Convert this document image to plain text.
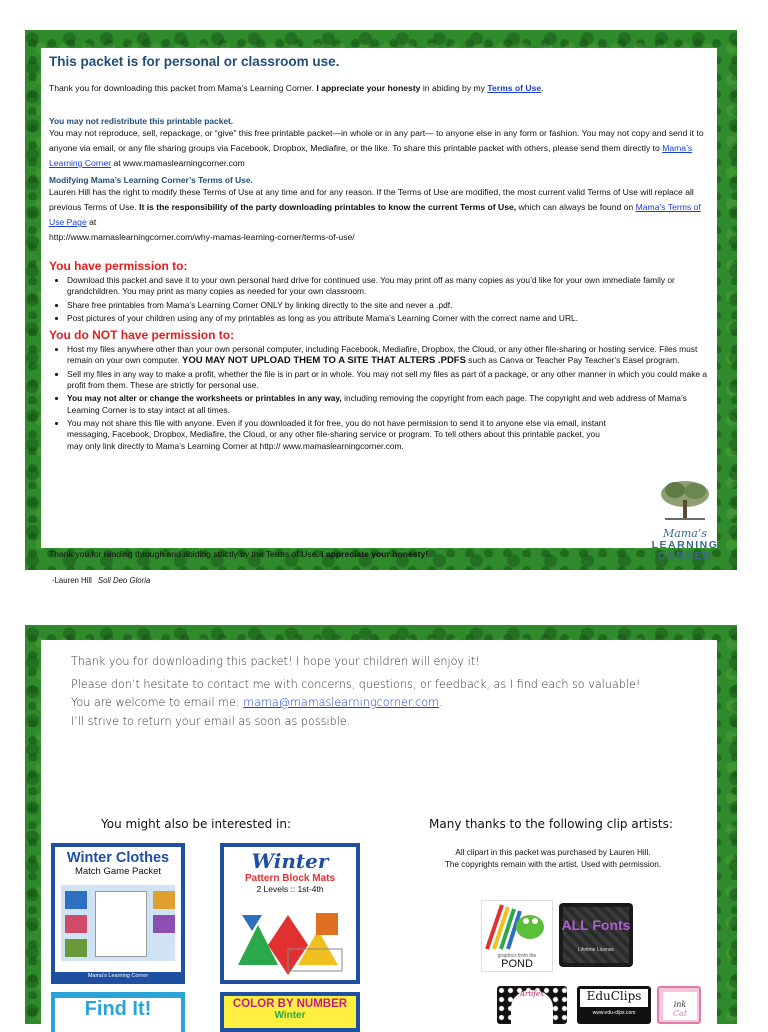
This packet is for personal or classroom use.

Thank you for downloading this packet from Mama’s Learning Corner. I appreciate your honesty in abiding by my Terms of Use.

You may not redistribute this printable packet.

You may not reproduce, sell, repackage, or “give” this free printable packet—in whole or in any part— to anyone else in any form or fashion. You may not copy and send it to anyone via email, or any file sharing groups via Facebook, Dropbox, Mediafire, or the like. To share this printable packet with others, please send them directly to Mama’s Learning Corner at www.mamaslearningcorner.com

Modifying Mama’s Learning Corner’s Terms of Use.

Lauren Hill has the right to modify these Terms of Use at any time and for any reason. If the Terms of Use are modified, the most current valid Terms of Use will replace all previous Terms of Use. It is the responsibility of the party downloading printables to know the current Terms of Use, which can always be found on Mama’s Terms of Use Page at
http://www.mamaslearningcorner.com/why-mamas-learning-corner/terms-of-use/

You have permission to:
• Download this packet and save it to your own personal hard drive for continued use. You may print off as many copies as you’d like for your own immediate family or grandchildren. You may print as many copies as needed for your own classroom.
• Share free printables from Mama’s Learning Corner ONLY by linking directly to the site and never a .pdf.
• Post pictures of your children using any of my printables as long as you attribute Mama’s Learning Corner with the correct name and URL.
You do NOT have permission to:
• Host my files anywhere other than your own personal computer, including Facebook, Mediafire, Dropbox, the Cloud, or any other file-sharing or hosting service. Files must remain on your own computer. YOU MAY NOT UPLOAD THEM TO A SITE THAT ALTERS .PDFS such as Canva or Teacher Pay Teacher’s Easel program.
• Sell my files in any way to make a profit, whether the file is in part or in whole. You may not sell my files as part of a package, or any other manner in which you could make a profit from them. These are strictly for personal use.
• You may not alter or change the worksheets or printables in any way, including removing the copyright from each page. The copyright and web address of Mama’s Learning Corner is to stay intact at all times.
• You may not share this file with anyone. Even if you downloaded it for free, you do not have permission to send it to anyone else via email, instant messaging, Facebook, Dropbox, Mediafire, the Cloud, or any other file-sharing service or program. To tell others about this printable packet, you may only link directly to Mama’s Learning Corner at http:// www.mamaslearningcorner.com.
Mama’s
LEARNING
CORNER
Thank you for reading through and abiding strictly by the Terms of Use. I appreciate your honesty!
-Lauren Hill Soli Deo Gloria
Thank you for downloading this packet! I hope your children will enjoy it!
Please don’t hesitate to contact me with concerns, questions, or feedback, as I find each so valuable!
You are welcome to email me: mama@mamaslearningcorner.com.
I’ll strive to return your email as soon as possible.
You might also be interested in:	Many thanks to the following clip artists:
All clipart in this packet was purchased by Lauren Hill.
The copyrights remain with the artist. Used with permission.
Winter Clothes
Match Game Packet
Mama's Learning Corner
Winter
Pattern Block Mats
2 Levels :: 1st-4th
Find It!	COLOR BY NUMBER
Winter
graphics from the
POND
ALL Fonts
Lifetime License
Artifex	EduClips
www.edu-clips.com
ink
Cat
